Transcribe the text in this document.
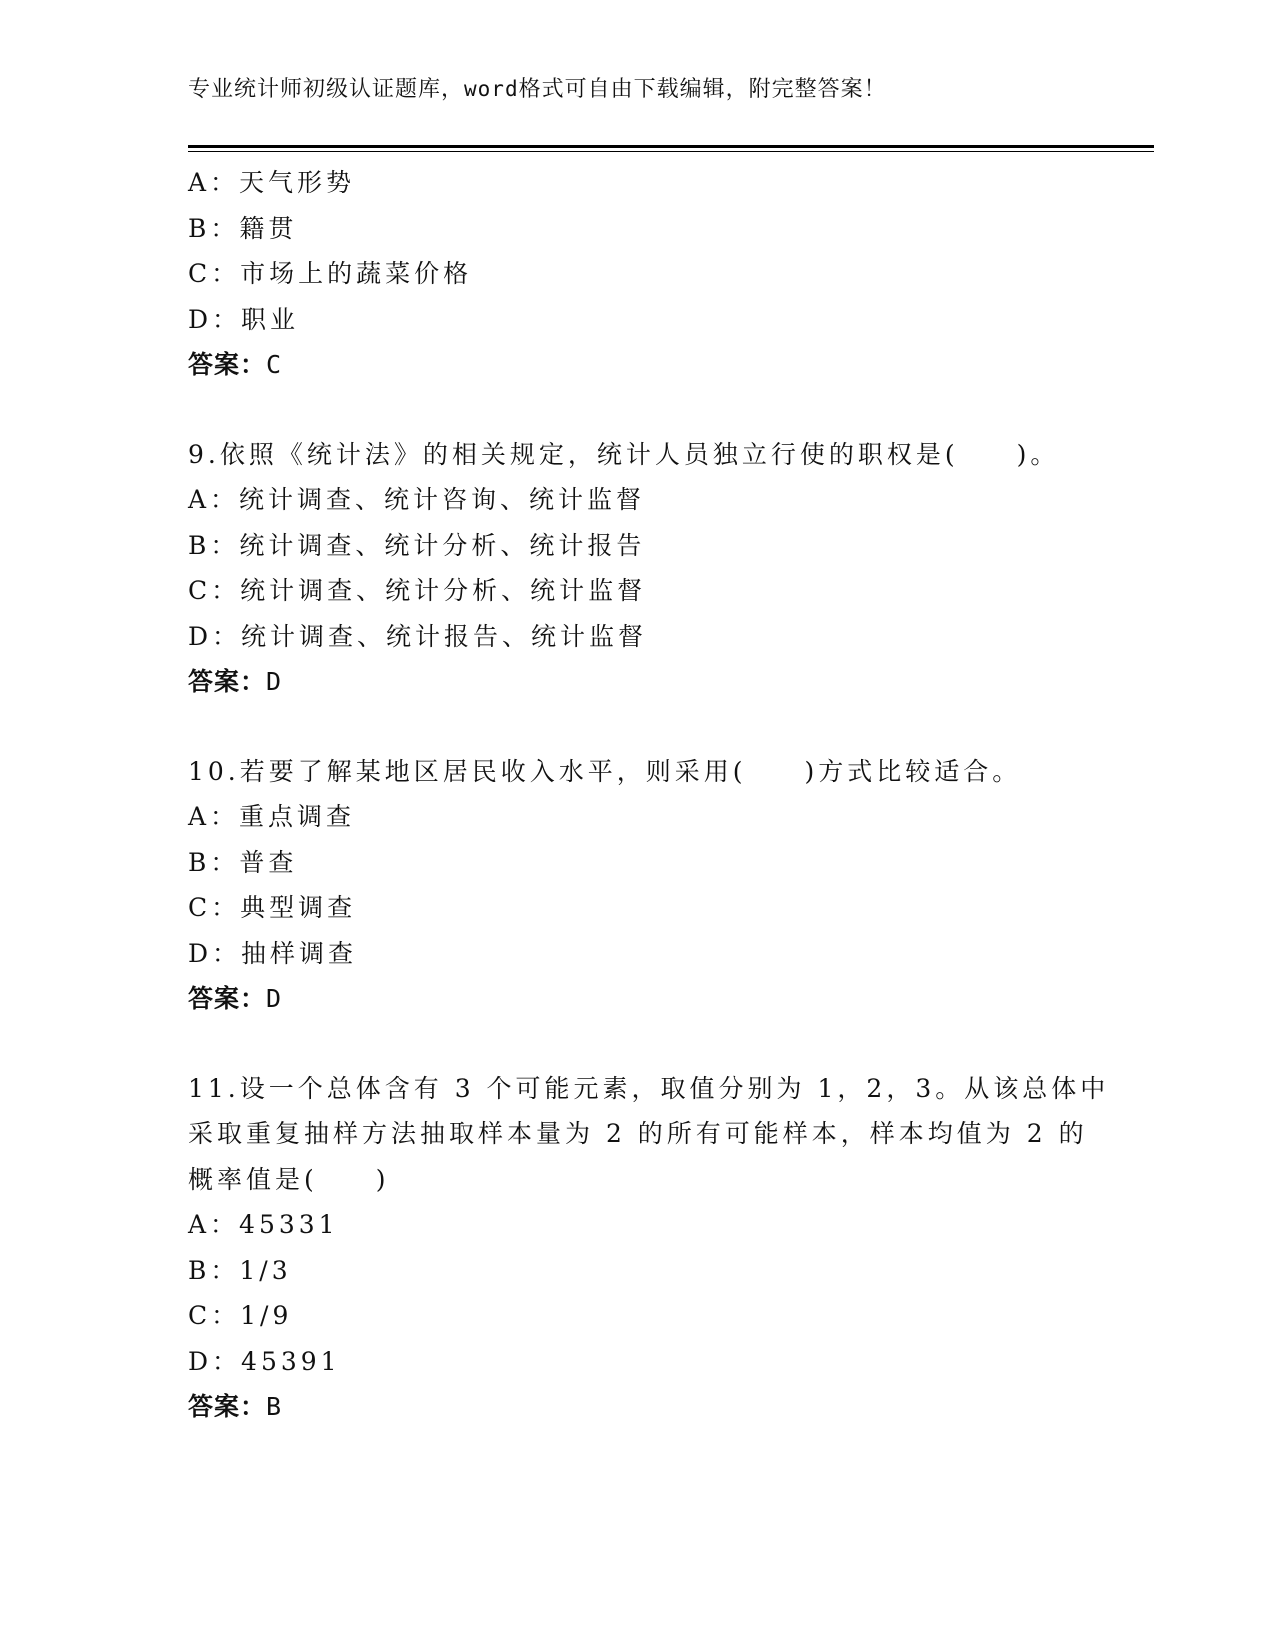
专业统计师初级认证题库，word格式可自由下载编辑，附完整答案！
A：天气形势
B：籍贯
C：市场上的蔬菜价格
D：职业
答案：C
9.依照《统计法》的相关规定，统计人员独立行使的职权是(　　)。
A：统计调查、统计咨询、统计监督
B：统计调查、统计分析、统计报告
C：统计调查、统计分析、统计监督
D：统计调查、统计报告、统计监督
答案：D
10.若要了解某地区居民收入水平，则采用(　　)方式比较适合。
A：重点调查
B：普查
C：典型调查
D：抽样调查
答案：D
11.设一个总体含有 3 个可能元素，取值分别为 1，2，3。从该总体中
采取重复抽样方法抽取样本量为 2 的所有可能样本，样本均值为 2 的
概率值是(　　)
A：45331
B：1/3
C：1/9
D：45391
答案：B
